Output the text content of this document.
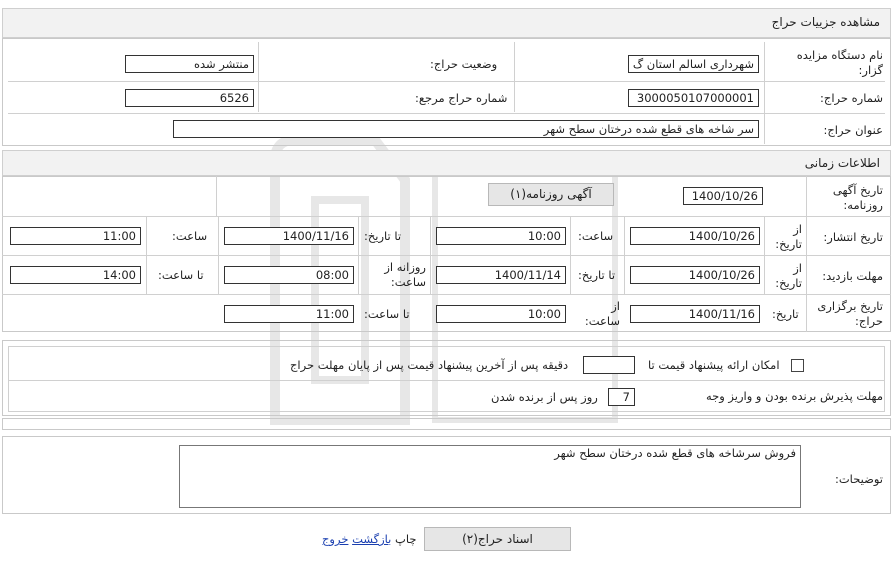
مشاهده جزییات حراج
نام دستگاه مزایده گزار:
شهرداری اسالم استان گ
وضعیت حراج:
منتشر شده
شماره حراج:
3000050107000001
شماره حراج مرجع:
6526
عنوان حراج:
سر شاخه های قطع شده درختان سطح شهر
اطلاعات زمانی
تاریخ آگهی روزنامه:
1400/10/26
آگهی روزنامه(۱)
تاریخ انتشار:
از تاریخ:
1400/10/26
ساعت:
10:00
تا تاریخ:
1400/11/16
ساعت:
11:00
مهلت بازدید:
از تاریخ:
1400/10/26
تا تاریخ:
1400/11/14
روزانه از ساعت:
08:00
تا ساعت:
14:00
تاریخ برگزاری حراج:
تاریخ:
1400/11/16
از ساعت:
10:00
تا ساعت:
11:00
امکان ارائه پیشنهاد قیمت تا
دقیقه پس از آخرین پیشنهاد قیمت پس از پایان مهلت حراج
مهلت پذیرش برنده بودن و واریز وجه
7
روز پس از برنده شدن
توضیحات:
فروش سرشاخه های قطع شده درختان سطح شهر
اسناد حراج(۲)
چاپ بازگشت خروج
